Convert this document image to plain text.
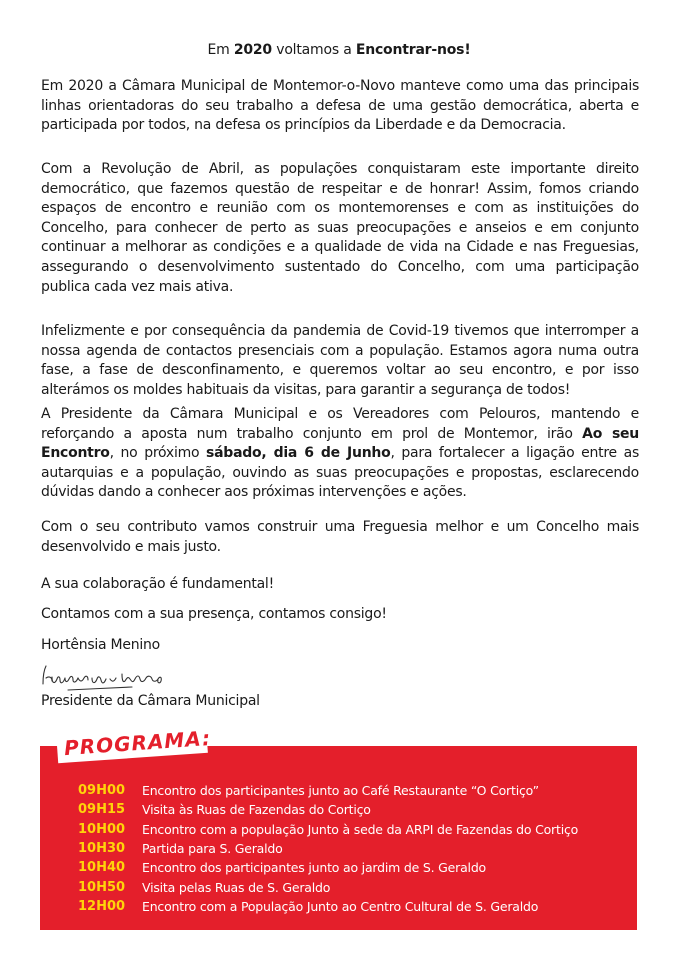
Em 2020 voltamos a Encontrar-nos!
Em 2020 a Câmara Municipal de Montemor-o-Novo manteve como uma das principais linhas orientadoras do seu trabalho a defesa de uma gestão democrática, aberta e participada por todos, na defesa os princípios da Liberdade e da Democracia.
Com a Revolução de Abril, as populações conquistaram este importante direito democrático, que fazemos questão de respeitar e de honrar! Assim, fomos criando espaços de encontro e reunião com os montemorenses e com as instituições do Concelho, para conhecer de perto as suas preocupações e anseios e em conjunto continuar a melhorar as condições e a qualidade de vida na Cidade e nas Freguesias, assegurando o desenvolvimento sustentado do Concelho, com uma participação publica cada vez mais ativa.
Infelizmente e por consequência da pandemia de Covid-19 tivemos que interromper a nossa agenda de contactos presenciais com a população. Estamos agora numa outra fase, a fase de desconfinamento, e queremos voltar ao seu encontro, e por isso alterámos os moldes habituais da visitas, para garantir a segurança de todos!
A Presidente da Câmara Municipal e os Vereadores com Pelouros, mantendo e reforçando a aposta num trabalho conjunto em prol de Montemor, irão Ao seu Encontro, no próximo sábado, dia 6 de Junho, para fortalecer a ligação entre as autarquias e a população, ouvindo as suas preocupações e propostas, esclarecendo dúvidas dando a conhecer aos próximas intervenções e ações.
Com o seu contributo vamos construir uma Freguesia melhor e um Concelho mais desenvolvido e mais justo.
A sua colaboração é fundamental!
Contamos com a sua presença, contamos consigo!
Hortênsia Menino
Presidente da Câmara Municipal
PROGRAMA:
09H00	Encontro dos participantes junto ao Café Restaurante “O Cortiço”
09H15	Visita às Ruas de Fazendas do Cortiço
10H00	Encontro com a população Junto à sede da ARPI de Fazendas do Cortiço
10H30	Partida para S. Geraldo
10H40	Encontro dos participantes junto ao jardim de S. Geraldo
10H50	Visita pelas Ruas de S. Geraldo
12H00	Encontro com a População Junto ao Centro Cultural de S. Geraldo
